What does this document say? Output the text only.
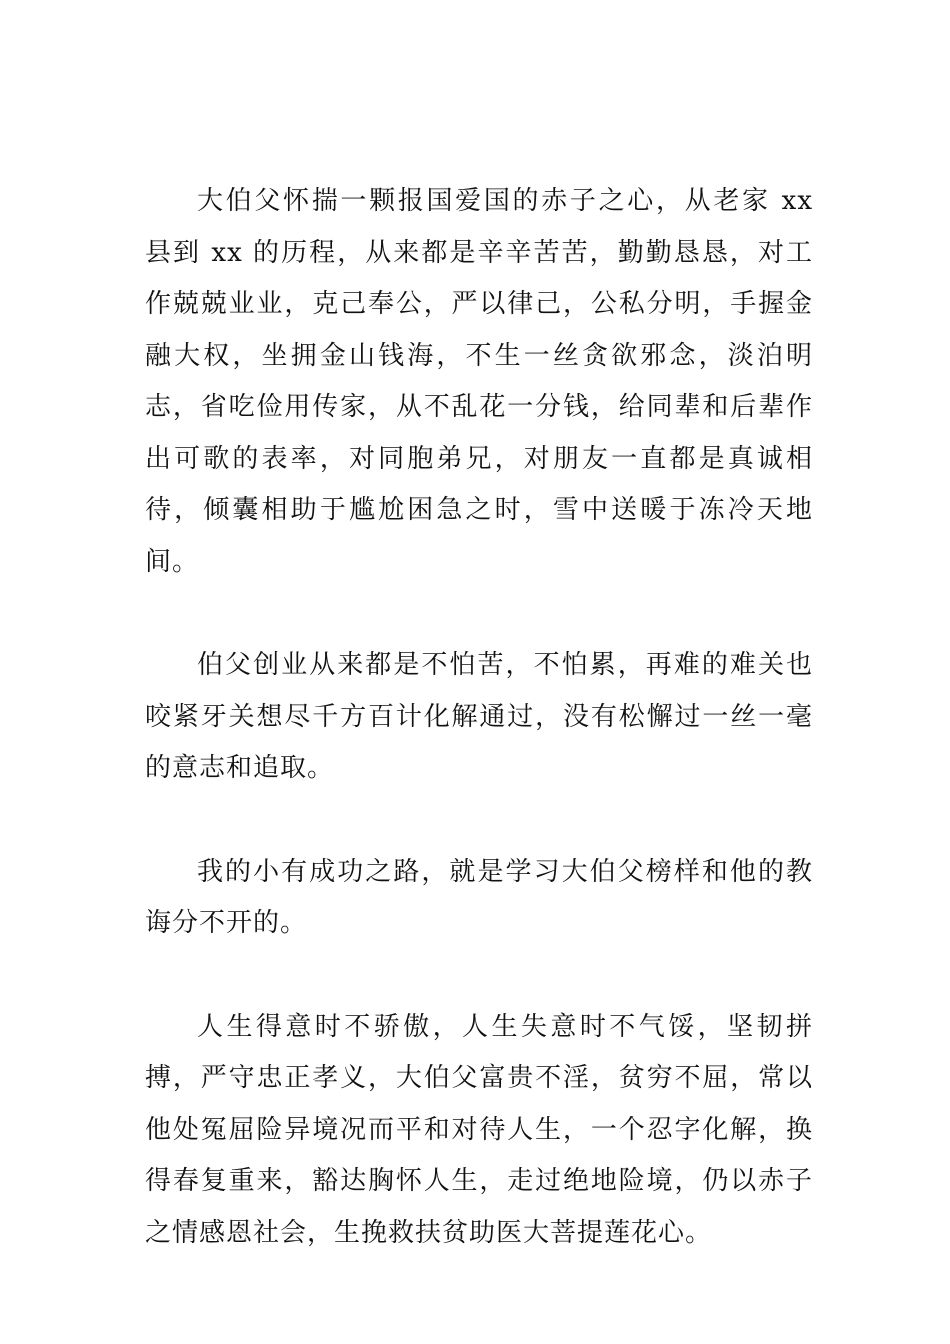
大伯父怀揣一颗报国爱国的赤子之心，从老家 xx 县到 xx 的历程，从来都是辛辛苦苦，勤勤恳恳，对工作兢兢业业，克己奉公，严以律己，公私分明，手握金融大权，坐拥金山钱海，不生一丝贪欲邪念，淡泊明志，省吃俭用传家，从不乱花一分钱，给同辈和后辈作出可歌的表率，对同胞弟兄，对朋友一直都是真诚相待，倾囊相助于尴尬困急之时，雪中送暖于冻冷天地间。

伯父创业从来都是不怕苦，不怕累，再难的难关也咬紧牙关想尽千方百计化解通过，没有松懈过一丝一毫的意志和追取。

我的小有成功之路，就是学习大伯父榜样和他的教诲分不开的。

人生得意时不骄傲，人生失意时不气馁，坚韧拼搏，严守忠正孝义，大伯父富贵不淫，贫穷不屈，常以他处冤屈险异境况而平和对待人生，一个忍字化解，换得春复重来，豁达胸怀人生，走过绝地险境，仍以赤子之情感恩社会，生挽救扶贫助医大菩提莲花心。
